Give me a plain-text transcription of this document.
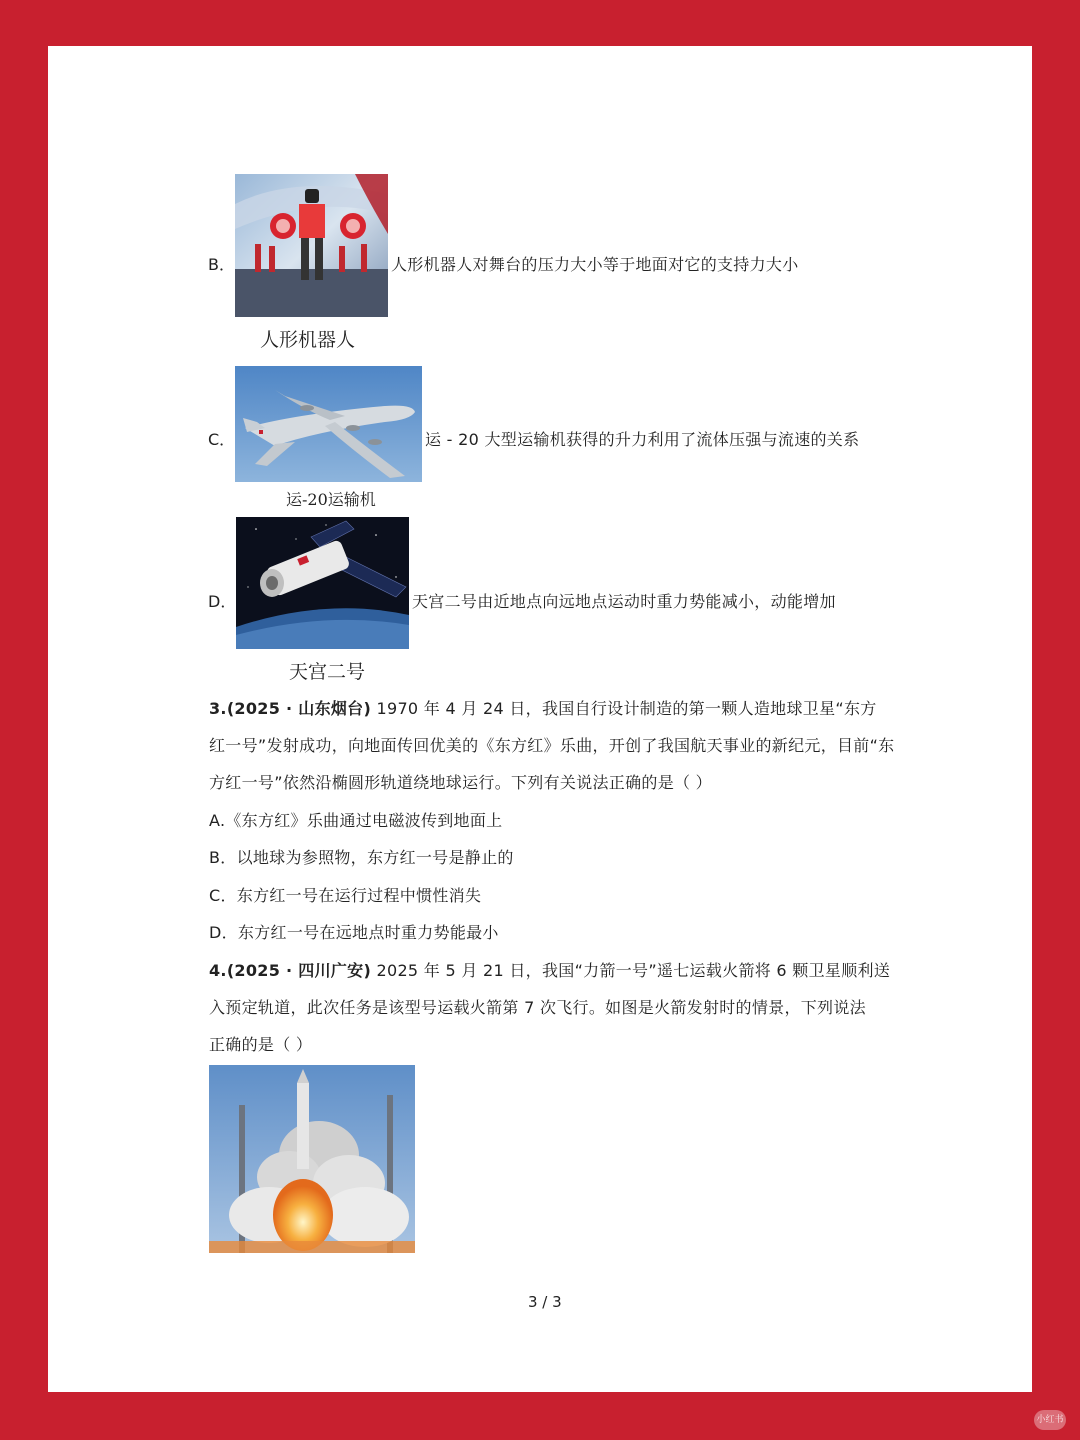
B．	人形机器人对舞台的压力大小等于地面对它的支持力大小
人形机器人
C．	运 - 20 大型运输机获得的升力利用了流体压强与流速的关系
运-20运输机
D．	天宫二号由近地点向远地点运动时重力势能减小，动能增加
天宫二号
3.(2025 · 山东烟台) 1970 年 4 月 24 日，我国自行设计制造的第一颗人造地球卫星“东方
红一号”发射成功，向地面传回优美的《东方红》乐曲，开创了我国航天事业的新纪元，目前“东
方红一号”依然沿椭圆形轨道绕地球运行。下列有关说法正确的是（ ）
A.《东方红》乐曲通过电磁波传到地面上
B．以地球为参照物，东方红一号是静止的
C．东方红一号在运行过程中惯性消失
D．东方红一号在远地点时重力势能最小
4.(2025 · 四川广安) 2025 年 5 月 21 日，我国“力箭一号”遥七运载火箭将 6 颗卫星顺利送
入预定轨道，此次任务是该型号运载火箭第 7 次飞行。如图是火箭发射时的情景，下列说法
正确的是（ ）
3 / 3
小红书
